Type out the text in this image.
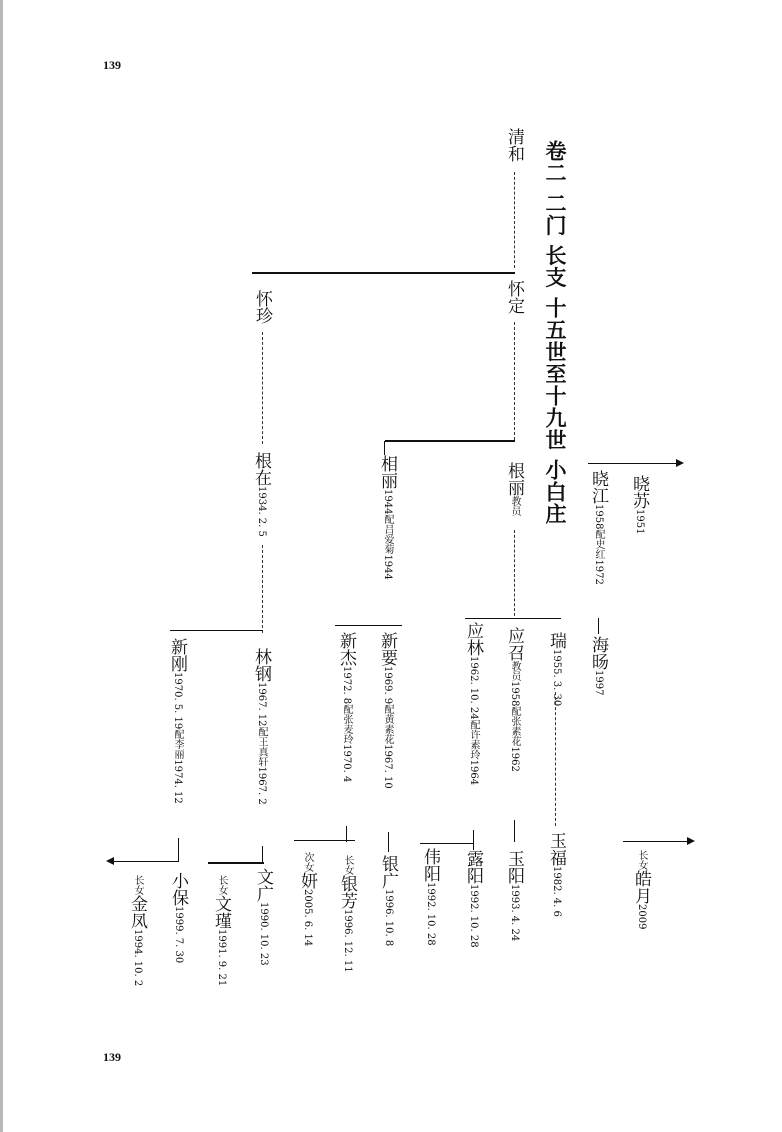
139
139
卷二 二门 长支 十五世至十九世 小白庄
清和
怀定
怀珍
根在1934. 2. 5
根丽教员
相丽1944配吕爱菊1944
晓江1958配史红1972
海旸1997
晓苏1951
瑞1955. 3. 30
应召教员1958配张素花1962
应林1962. 10. 24配许素玲1964
新要1969. 9配黄素花1967. 10
新杰1972. 8配张麦玲1970. 4
林钢1967. 12配王真轩1967. 2
新刚1970. 5. 19配李丽1974. 12
玉福1982. 4. 6
玉阳1993. 4. 24
露阳1992. 10. 28
伟阳1992. 10. 28
银广1996. 10. 8
长女银芳1996. 12. 11
次女妍2005. 6. 14
文广1990. 10. 23
长女文瑾1991. 9. 21
小保1999. 7. 30
长女金凤1994. 10. 2
长女皓月2009
